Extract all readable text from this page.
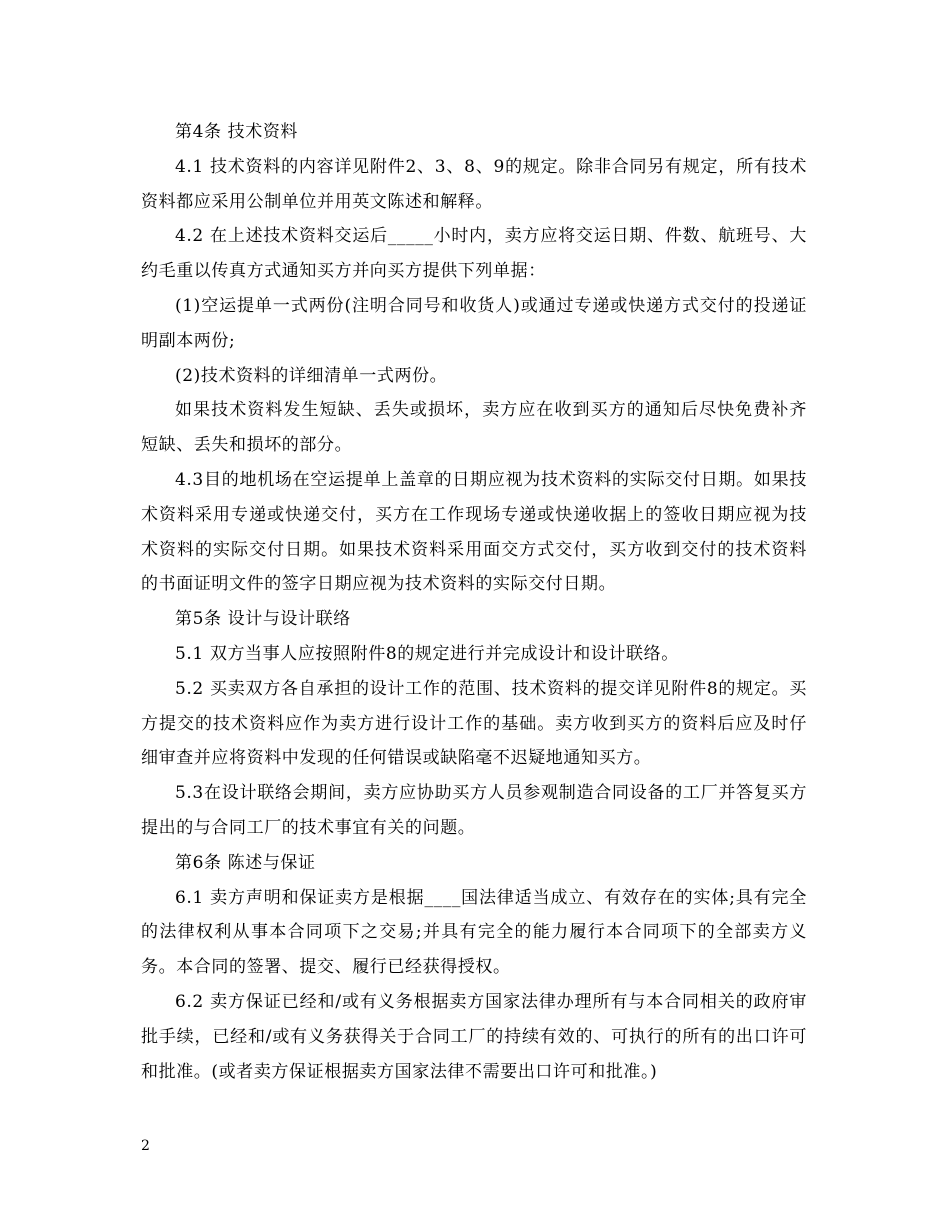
第4条 技术资料

4.1 技术资料的内容详见附件2、3、8、9的规定。除非合同另有规定，所有技术资料都应采用公制单位并用英文陈述和解释。

4.2 在上述技术资料交运后_____小时内，卖方应将交运日期、件数、航班号、大约毛重以传真方式通知买方并向买方提供下列单据：

(1)空运提单一式两份(注明合同号和收货人)或通过专递或快递方式交付的投递证明副本两份;

(2)技术资料的详细清单一式两份。

如果技术资料发生短缺、丢失或损坏，卖方应在收到买方的通知后尽快免费补齐短缺、丢失和损坏的部分。

4.3目的地机场在空运提单上盖章的日期应视为技术资料的实际交付日期。如果技术资料采用专递或快递交付，买方在工作现场专递或快递收据上的签收日期应视为技术资料的实际交付日期。如果技术资料采用面交方式交付，买方收到交付的技术资料的书面证明文件的签字日期应视为技术资料的实际交付日期。

第5条 设计与设计联络

5.1 双方当事人应按照附件8的规定进行并完成设计和设计联络。

5.2 买卖双方各自承担的设计工作的范围、技术资料的提交详见附件8的规定。买方提交的技术资料应作为卖方进行设计工作的基础。卖方收到买方的资料后应及时仔细审查并应将资料中发现的任何错误或缺陷毫不迟疑地通知买方。

5.3在设计联络会期间，卖方应协助买方人员参观制造合同设备的工厂并答复买方提出的与合同工厂的技术事宜有关的问题。

第6条 陈述与保证

6.1 卖方声明和保证卖方是根据____国法律适当成立、有效存在的实体;具有完全的法律权利从事本合同项下之交易;并具有完全的能力履行本合同项下的全部卖方义务。本合同的签署、提交、履行已经获得授权。

6.2 卖方保证已经和/或有义务根据卖方国家法律办理所有与本合同相关的政府审批手续，已经和/或有义务获得关于合同工厂的持续有效的、可执行的所有的出口许可和批准。(或者卖方保证根据卖方国家法律不需要出口许可和批准。)

2
